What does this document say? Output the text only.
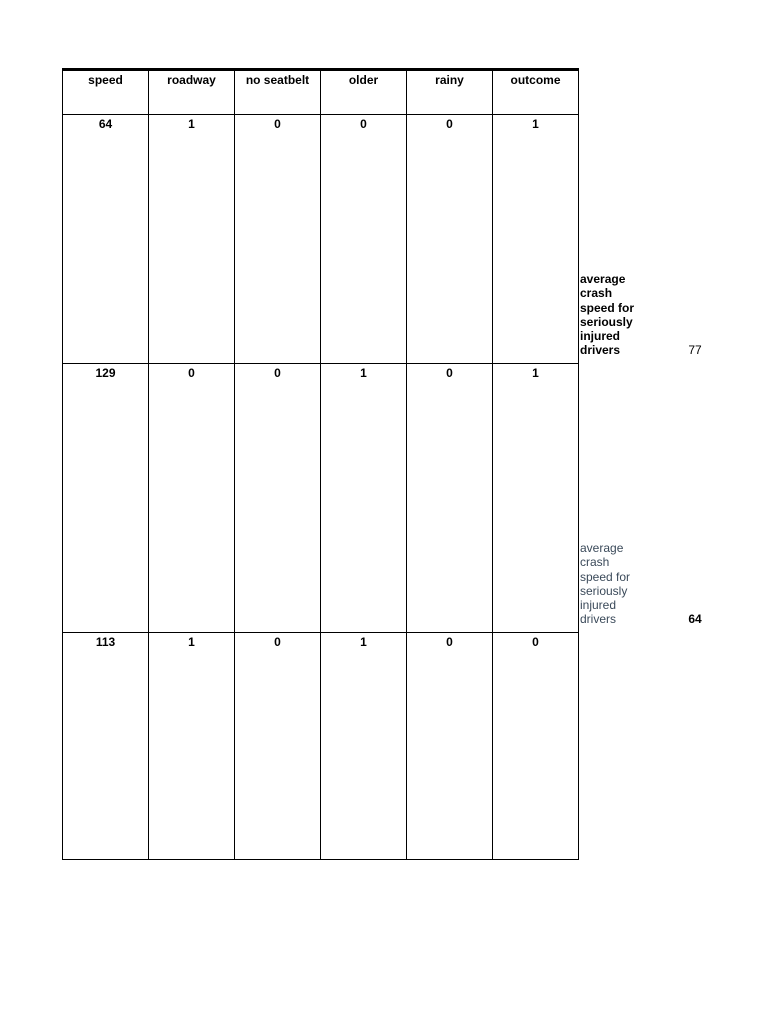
speed	roadway	no seatbelt	older	rainy	outcome
64	1	0	0	0	1
129	0	0	1	0	1
113	1	0	1	0	0
average
crash
speed for
seriously
injured
drivers	77
average
crash
speed for
seriously
injured
drivers	64
